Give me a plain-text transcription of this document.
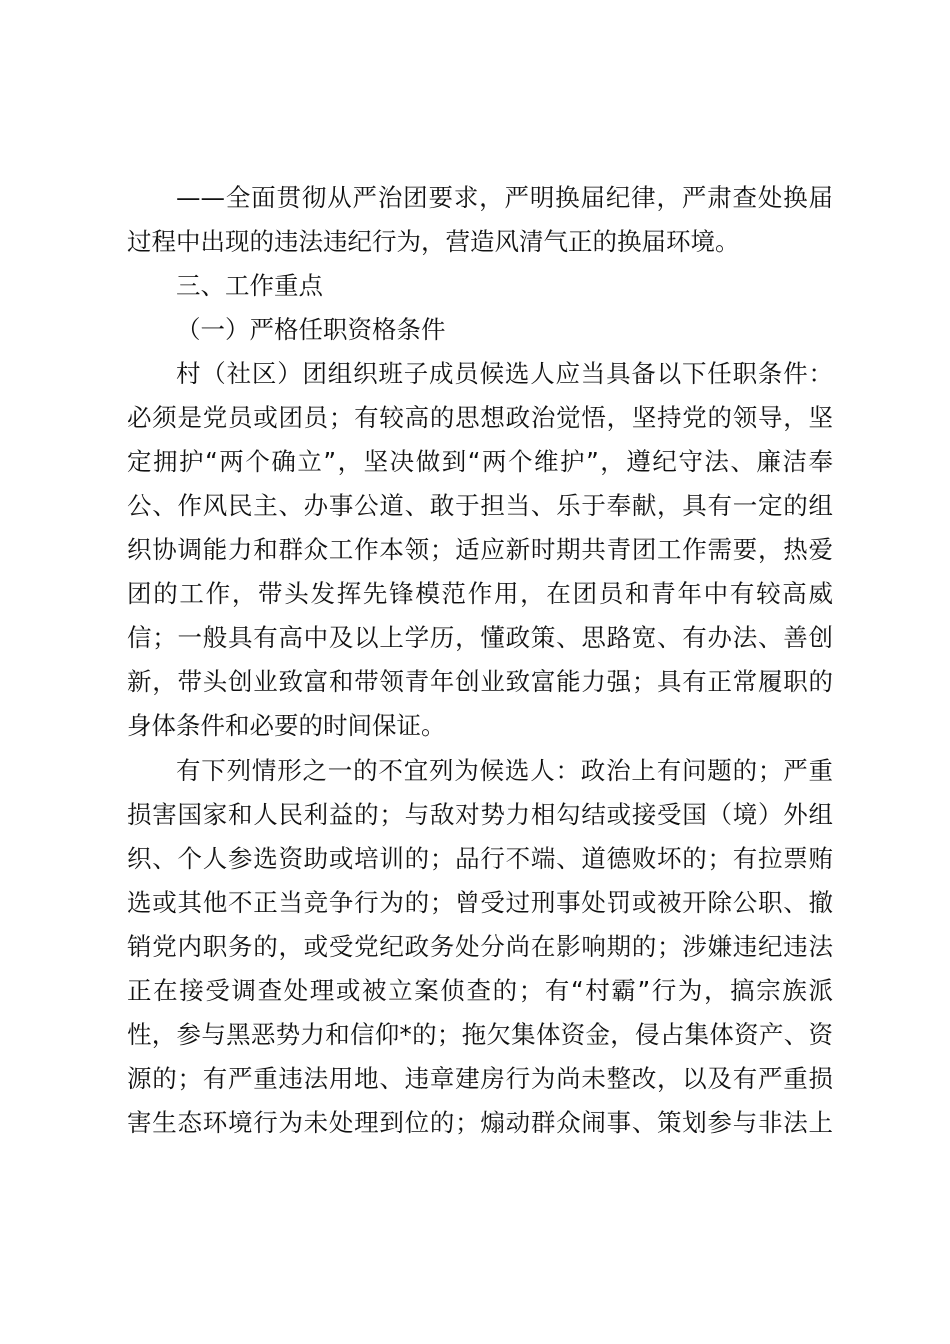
——全面贯彻从严治团要求，严明换届纪律，严肃查处换届
过程中出现的违法违纪行为，营造风清气正的换届环境。
三、工作重点
（一）严格任职资格条件
村（社区）团组织班子成员候选人应当具备以下任职条件：
必须是党员或团员；有较高的思想政治觉悟，坚持党的领导，坚
定拥护“两个确立”，坚决做到“两个维护”，遵纪守法、廉洁奉
公、作风民主、办事公道、敢于担当、乐于奉献，具有一定的组
织协调能力和群众工作本领；适应新时期共青团工作需要，热爱
团的工作，带头发挥先锋模范作用，在团员和青年中有较高威
信；一般具有高中及以上学历，懂政策、思路宽、有办法、善创
新，带头创业致富和带领青年创业致富能力强；具有正常履职的
身体条件和必要的时间保证。
有下列情形之一的不宜列为候选人：政治上有问题的；严重
损害国家和人民利益的；与敌对势力相勾结或接受国（境）外组
织、个人参选资助或培训的；品行不端、道德败坏的；有拉票贿
选或其他不正当竞争行为的；曾受过刑事处罚或被开除公职、撤
销党内职务的，或受党纪政务处分尚在影响期的；涉嫌违纪违法
正在接受调查处理或被立案侦查的；有“村霸”行为，搞宗族派
性，参与黑恶势力和信仰*的；拖欠集体资金，侵占集体资产、资
源的；有严重违法用地、违章建房行为尚未整改，以及有严重损
害生态环境行为未处理到位的；煽动群众闹事、策划参与非法上
